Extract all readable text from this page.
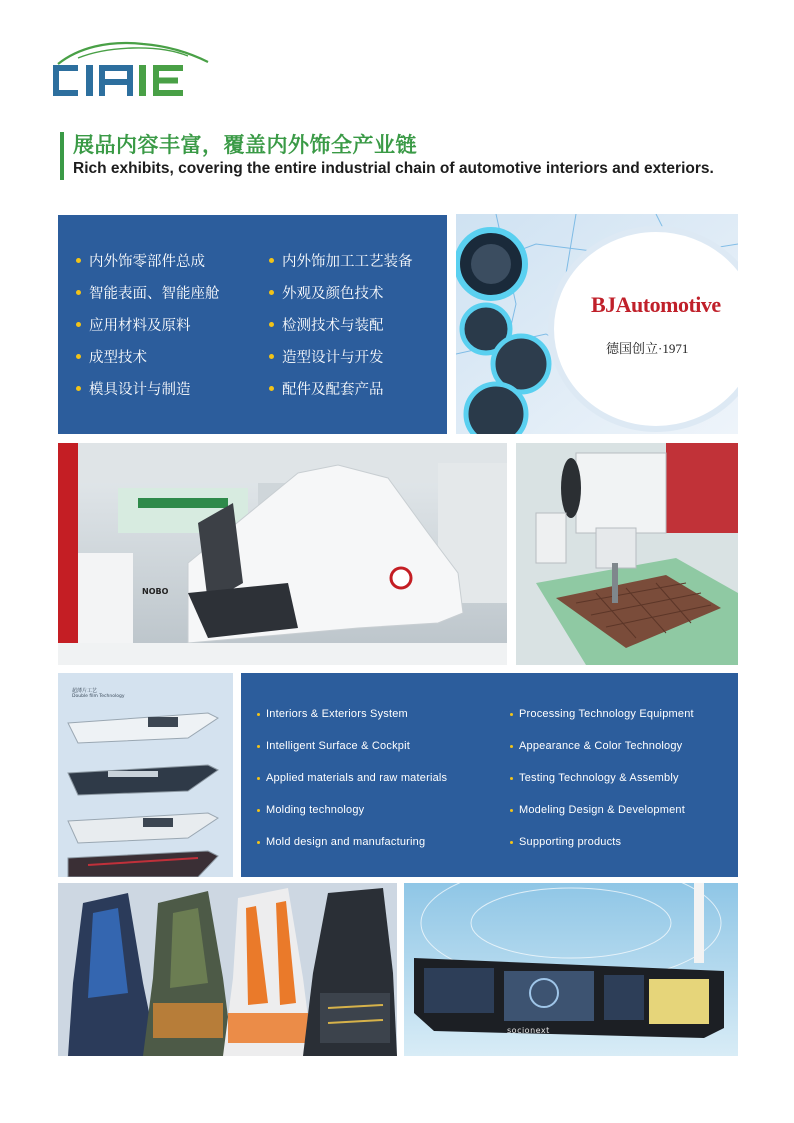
展品内容丰富，覆盖内外饰全产业链
Rich exhibits, covering the entire industrial chain of automotive interiors and exteriors.
内外饰零部件总成
智能表面、智能座舱
应用材料及原料
成型技术
模具设计与制造
内外饰加工工艺装备
外观及颜色技术
检测技术与装配
造型设计与开发
配件及配套产品
BJAutomotive
德国创立·1971
NOBO
超薄片工艺
Double film Technology
Interiors & Exteriors System
Intelligent Surface & Cockpit
Applied materials and raw materials
Molding technology
Mold design and manufacturing
Processing Technology Equipment
Appearance & Color Technology
Testing Technology & Assembly
Modeling Design & Development
Supporting products
socionext
